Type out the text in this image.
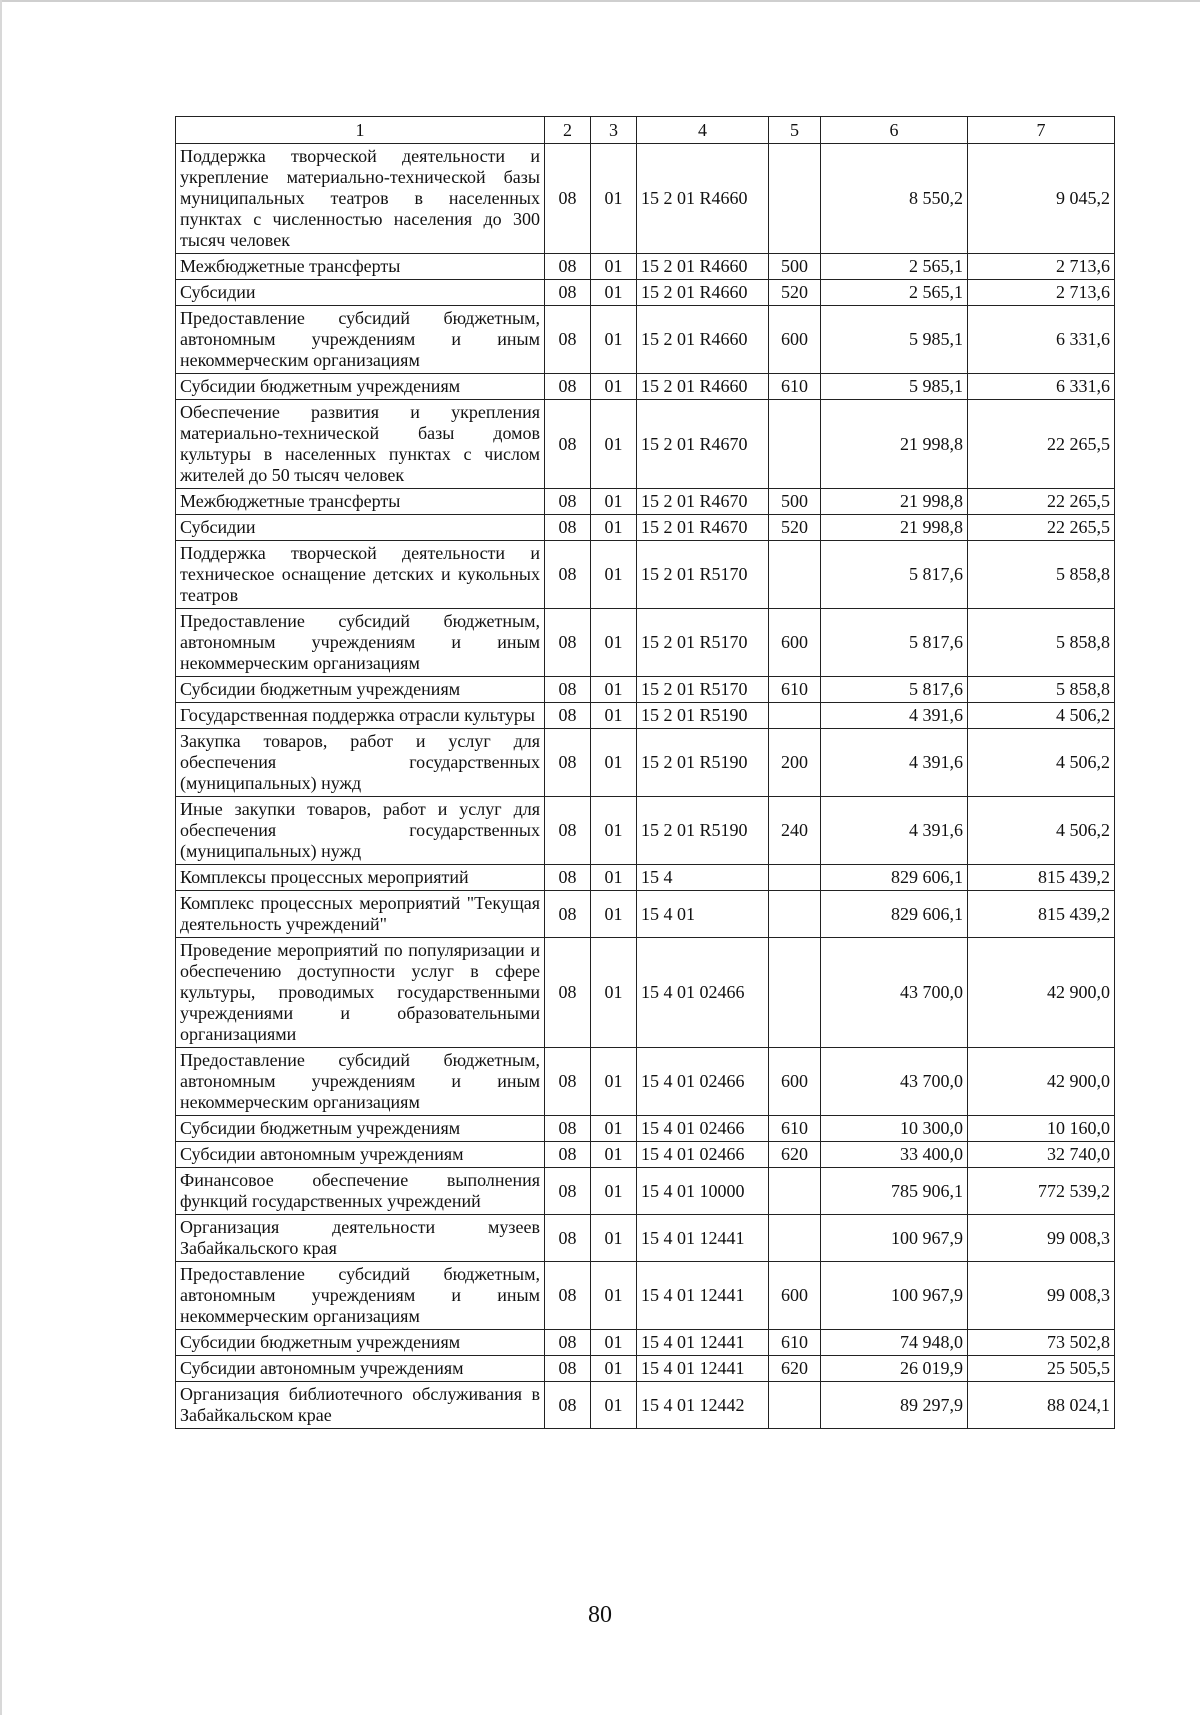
1	2	3	4	5	6	7
Поддержка творческой деятельности и укрепление материально-технической базы муниципальных театров в населенных пунктах с численностью населения до 300 тысяч человек	08	01	15 2 01 R4660		8 550,2	9 045,2
Межбюджетные трансферты	08	01	15 2 01 R4660	500	2 565,1	2 713,6
Субсидии	08	01	15 2 01 R4660	520	2 565,1	2 713,6
Предоставление субсидий бюджетным, автономным учреждениям и иным некоммерческим организациям	08	01	15 2 01 R4660	600	5 985,1	6 331,6
Субсидии бюджетным учреждениям	08	01	15 2 01 R4660	610	5 985,1	6 331,6
Обеспечение развития и укрепления материально-технической базы домов культуры в населенных пунктах с числом жителей до 50 тысяч человек	08	01	15 2 01 R4670		21 998,8	22 265,5
Межбюджетные трансферты	08	01	15 2 01 R4670	500	21 998,8	22 265,5
Субсидии	08	01	15 2 01 R4670	520	21 998,8	22 265,5
Поддержка творческой деятельности и техническое оснащение детских и кукольных театров	08	01	15 2 01 R5170		5 817,6	5 858,8
Предоставление субсидий бюджетным, автономным учреждениям и иным некоммерческим организациям	08	01	15 2 01 R5170	600	5 817,6	5 858,8
Субсидии бюджетным учреждениям	08	01	15 2 01 R5170	610	5 817,6	5 858,8
Государственная поддержка отрасли культуры	08	01	15 2 01 R5190		4 391,6	4 506,2
Закупка товаров, работ и услуг для обеспечения государственных (муниципальных) нужд	08	01	15 2 01 R5190	200	4 391,6	4 506,2
Иные закупки товаров, работ и услуг для обеспечения государственных (муниципальных) нужд	08	01	15 2 01 R5190	240	4 391,6	4 506,2
Комплексы процессных мероприятий	08	01	15 4		829 606,1	815 439,2
Комплекс процессных мероприятий "Текущая деятельность учреждений"	08	01	15 4 01		829 606,1	815 439,2
Проведение мероприятий по популяризации и обеспечению доступности услуг в сфере культуры, проводимых государственными учреждениями и образовательными организациями	08	01	15 4 01 02466		43 700,0	42 900,0
Предоставление субсидий бюджетным, автономным учреждениям и иным некоммерческим организациям	08	01	15 4 01 02466	600	43 700,0	42 900,0
Субсидии бюджетным учреждениям	08	01	15 4 01 02466	610	10 300,0	10 160,0
Субсидии автономным учреждениям	08	01	15 4 01 02466	620	33 400,0	32 740,0
Финансовое обеспечение выполнения функций государственных учреждений	08	01	15 4 01 10000		785 906,1	772 539,2
Организация деятельности музеев Забайкальского края	08	01	15 4 01 12441		100 967,9	99 008,3
Предоставление субсидий бюджетным, автономным учреждениям и иным некоммерческим организациям	08	01	15 4 01 12441	600	100 967,9	99 008,3
Субсидии бюджетным учреждениям	08	01	15 4 01 12441	610	74 948,0	73 502,8
Субсидии автономным учреждениям	08	01	15 4 01 12441	620	26 019,9	25 505,5
Организация библиотечного обслуживания в Забайкальском крае	08	01	15 4 01 12442		89 297,9	88 024,1
80
